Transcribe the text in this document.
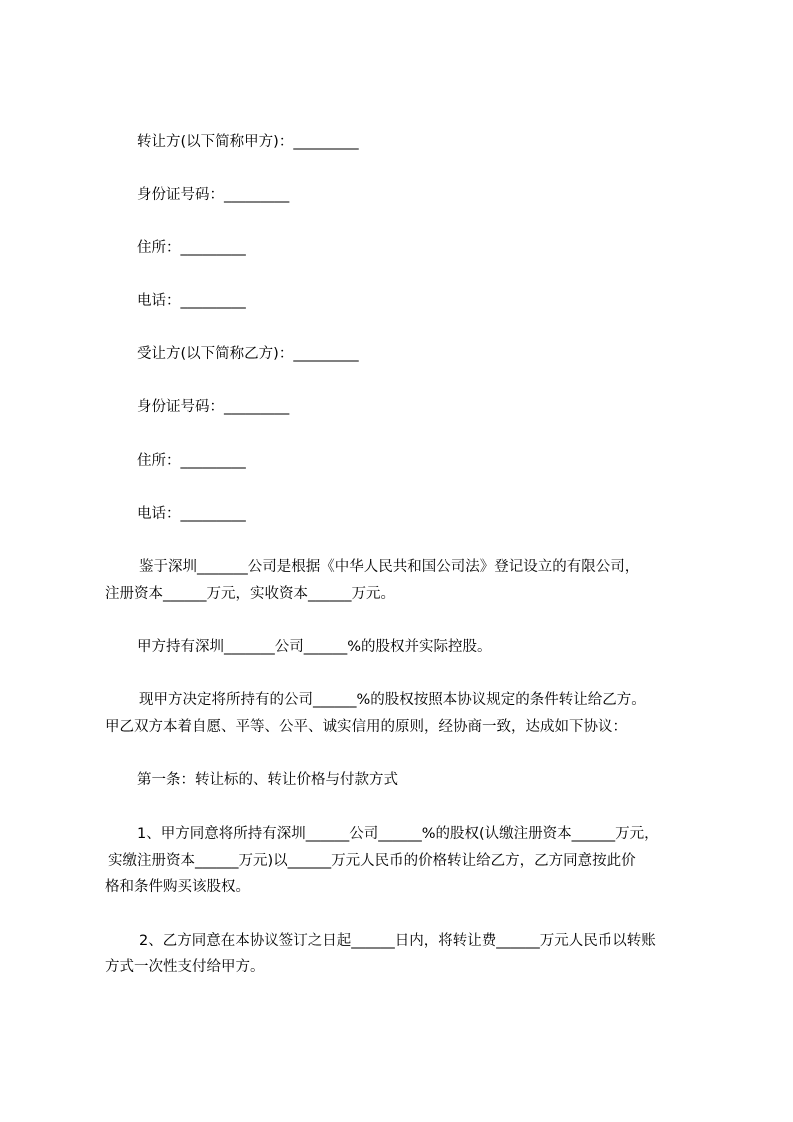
转让方(以下简称甲方)：_________

身份证号码：_________

住所：_________

电话：_________

受让方(以下简称乙方)：_________

身份证号码：_________

住所：_________

电话：_________

鉴于深圳_______公司是根据《中华人民共和国公司法》登记设立的有限公司，

注册资本______万元，实收资本______万元。

甲方持有深圳_______公司______%的股权并实际控股。

现甲方决定将所持有的公司______%的股权按照本协议规定的条件转让给乙方。

甲乙双方本着自愿、平等、公平、诚实信用的原则，经协商一致，达成如下协议：

第一条：转让标的、转让价格与付款方式

1、甲方同意将所持有深圳______公司______%的股权(认缴注册资本______万元，

实缴注册资本______万元)以______万元人民币的价格转让给乙方，乙方同意按此价

格和条件购买该股权。

2、乙方同意在本协议签订之日起______日内，将转让费______万元人民币以转账

方式一次性支付给甲方。
